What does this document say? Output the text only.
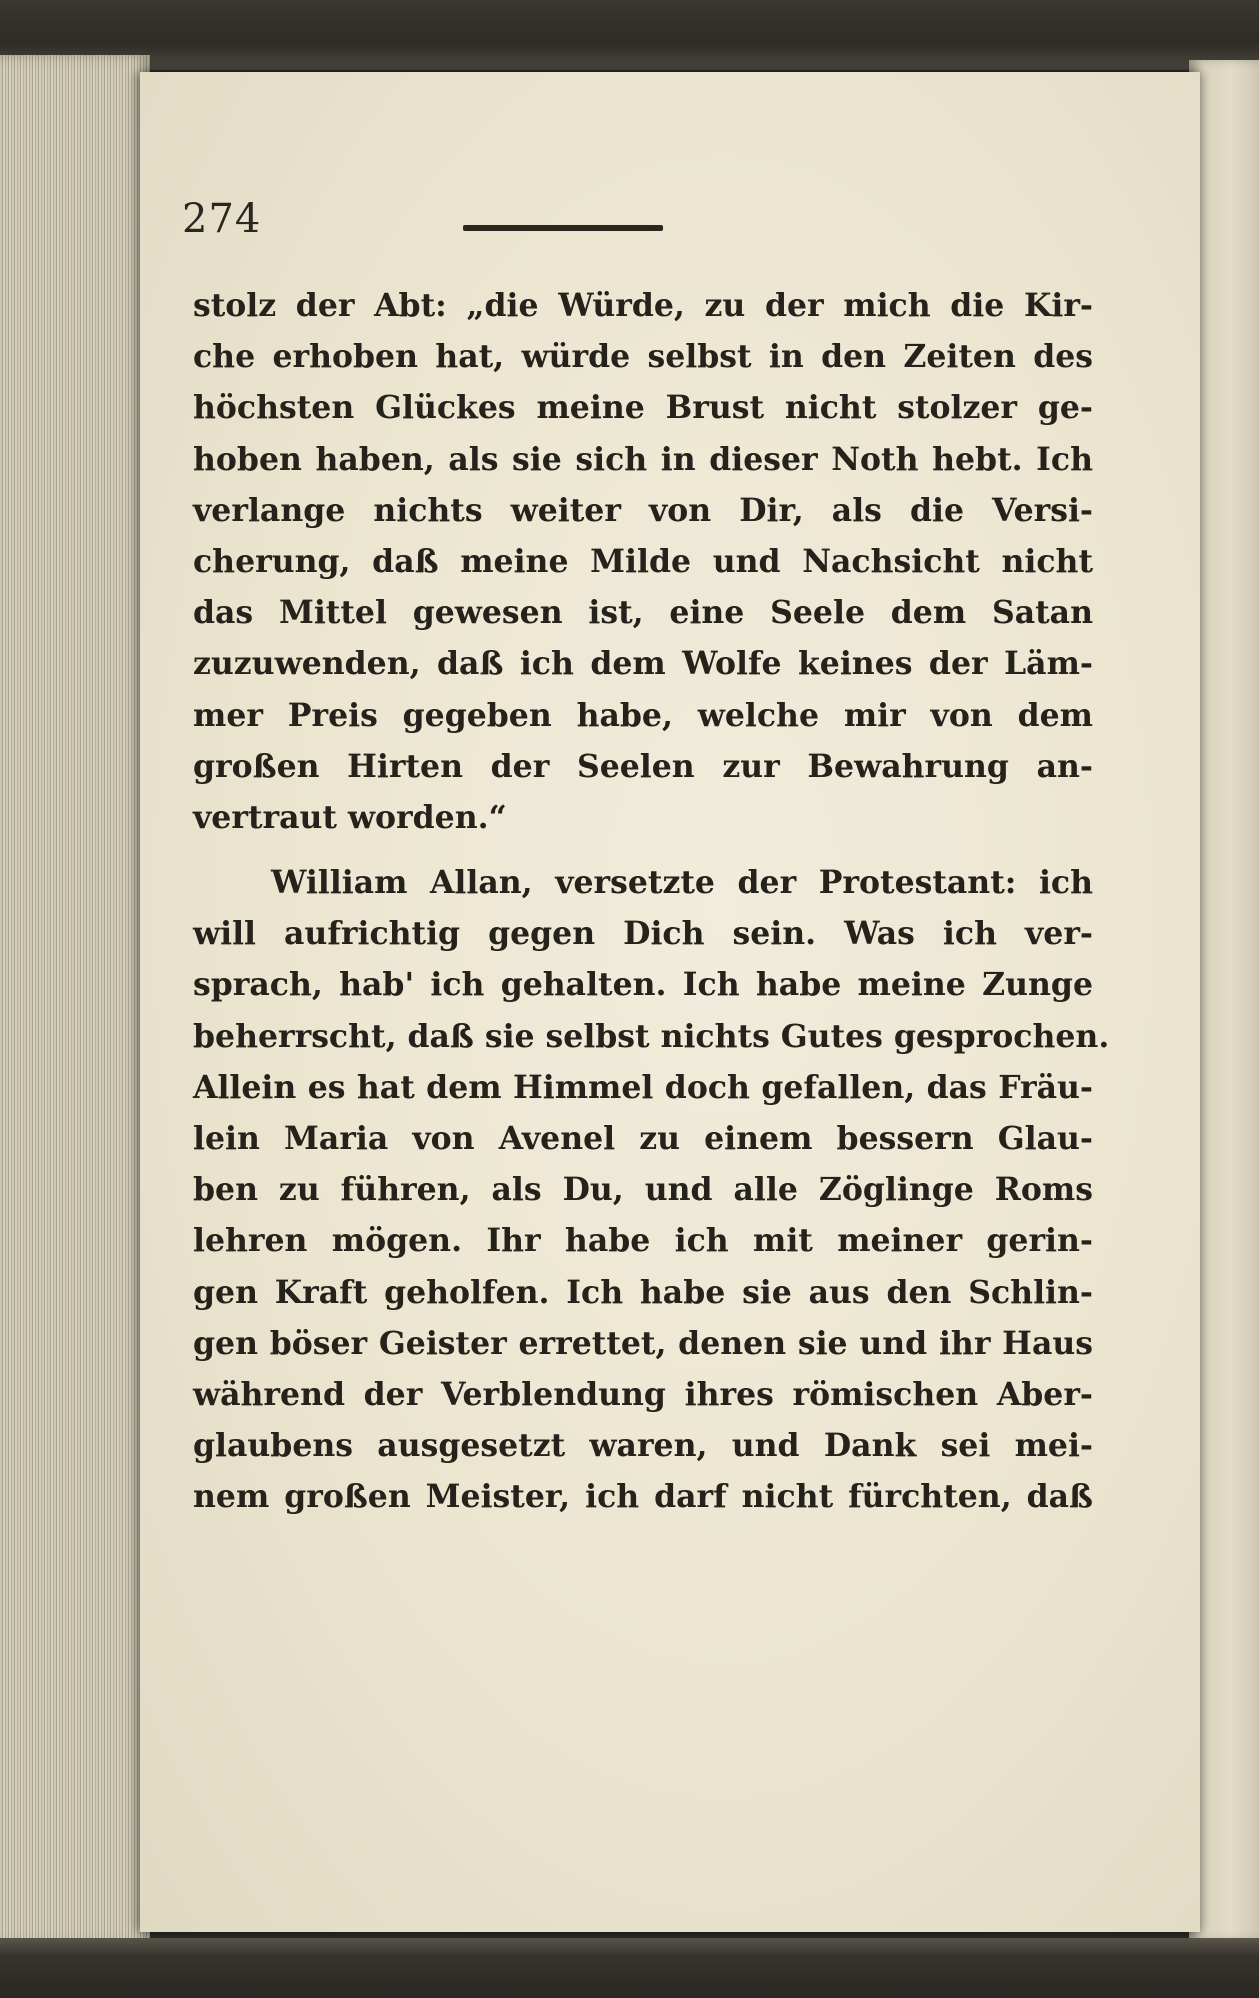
274

stolz der Abt: „die Würde, zu der mich die Kir-
che erhoben hat, würde selbst in den Zeiten des
höchsten Glückes meine Brust nicht stolzer ge-
hoben haben, als sie sich in dieser Noth hebt. Ich
verlange nichts weiter von Dir, als die Versi-
cherung, daß meine Milde und Nachsicht nicht
das Mittel gewesen ist, eine Seele dem Satan
zuzuwenden, daß ich dem Wolfe keines der Läm-
mer Preis gegeben habe, welche mir von dem
großen Hirten der Seelen zur Bewahrung an-
vertraut worden.“
William Allan, versetzte der Protestant: ich
will aufrichtig gegen Dich sein. Was ich ver-
sprach, hab' ich gehalten. Ich habe meine Zunge
beherrscht, daß sie selbst nichts Gutes gesprochen.
Allein es hat dem Himmel doch gefallen, das Fräu-
lein Maria von Avenel zu einem bessern Glau-
ben zu führen, als Du, und alle Zöglinge Roms
lehren mögen. Ihr habe ich mit meiner gerin-
gen Kraft geholfen. Ich habe sie aus den Schlin-
gen böser Geister errettet, denen sie und ihr Haus
während der Verblendung ihres römischen Aber-
glaubens ausgesetzt waren, und Dank sei mei-
nem großen Meister, ich darf nicht fürchten, daß
